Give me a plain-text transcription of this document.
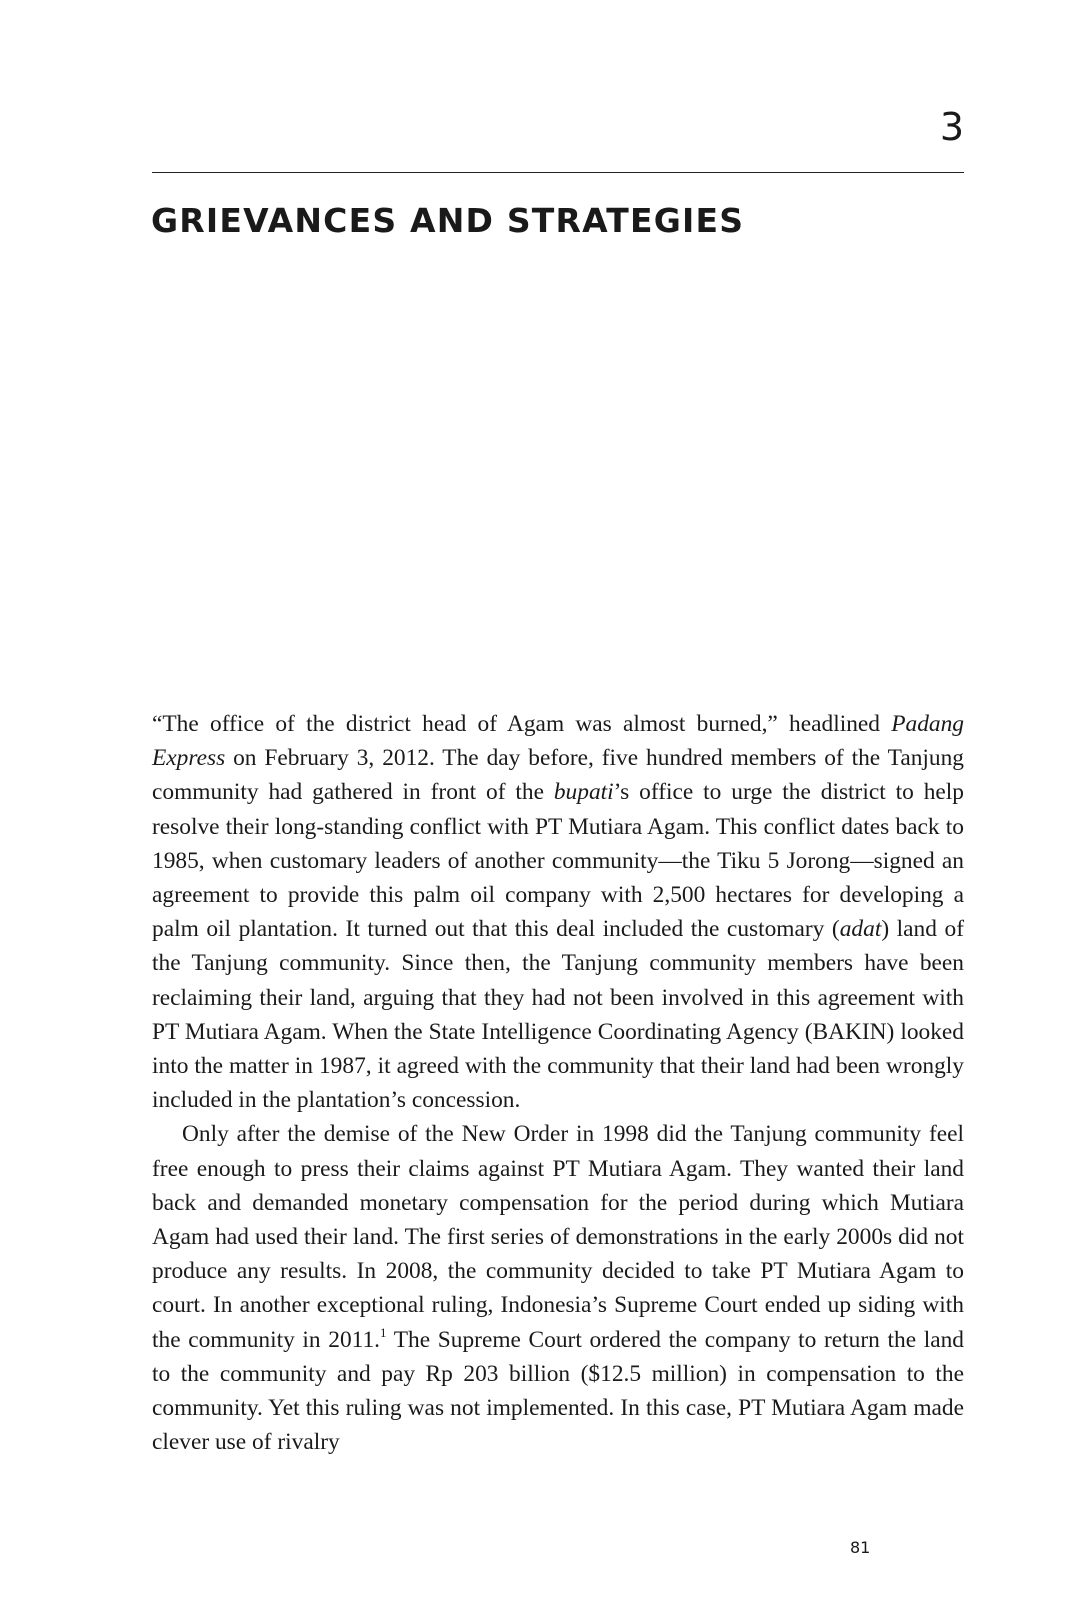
3
GRIEVANCES AND STRATEGIES

“The office of the district head of Agam was almost burned,” headlined Padang Express on February 3, 2012. The day before, five hundred members of the Tanjung community had gathered in front of the bupati’s office to urge the district to help resolve their long-standing conflict with PT Mutiara Agam. This conflict dates back to 1985, when customary leaders of another community—the Tiku 5 Jorong—signed an agreement to provide this palm oil company with 2,500 hectares for developing a palm oil plantation. It turned out that this deal included the customary (adat) land of the Tanjung community. Since then, the Tanjung community members have been reclaiming their land, arguing that they had not been involved in this agreement with PT Mutiara Agam. When the State Intelligence Coordinating Agency (BAKIN) looked into the matter in 1987, it agreed with the community that their land had been wrongly included in the plantation’s concession.

Only after the demise of the New Order in 1998 did the Tanjung community feel free enough to press their claims against PT Mutiara Agam. They wanted their land back and demanded monetary compensation for the period during which Mutiara Agam had used their land. The first series of demonstrations in the early 2000s did not produce any results. In 2008, the community decided to take PT Mutiara Agam to court. In another exceptional ruling, Indonesia’s Supreme Court ended up siding with the community in 2011.$^1$ The Supreme Court ordered the company to return the land to the community and pay Rp 203 billion ($12.5 million) in compensation to the community. Yet this ruling was not implemented. In this case, PT Mutiara Agam made clever use of rivalry

81
